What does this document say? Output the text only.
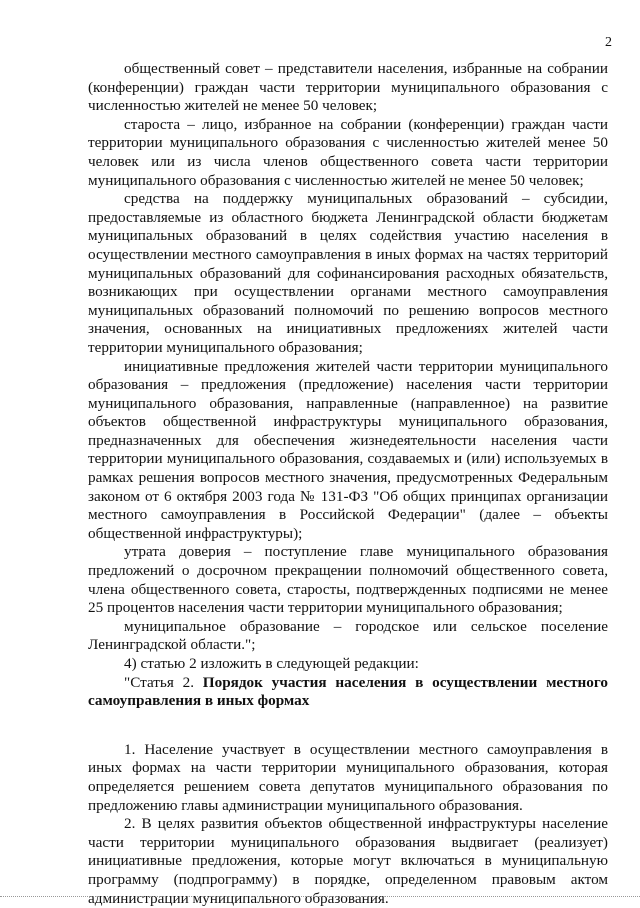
2

общественный совет – представители населения, избранные на собрании (конференции) граждан части территории муниципального образования с численностью жителей не менее 50 человек;

староста – лицо, избранное на собрании (конференции) граждан части территории муниципального образования с численностью жителей менее 50 человек или из числа членов общественного совета части территории муниципального образования с численностью жителей не менее 50 человек;

средства на поддержку муниципальных образований – субсидии, предоставляемые из областного бюджета Ленинградской области бюджетам муниципальных образований в целях содействия участию населения в осуществлении местного самоуправления в иных формах на частях территорий муниципальных образований для софинансирования расходных обязательств, возникающих при осуществлении органами местного самоуправления муниципальных образований полномочий по решению вопросов местного значения, основанных на инициативных предложениях жителей части территории муниципального образования;

инициативные предложения жителей части территории муниципального образования – предложения (предложение) населения части территории муниципального образования, направленные (направленное) на развитие объектов общественной инфраструктуры муниципального образования, предназначенных для обеспечения жизнедеятельности населения части территории муниципального образования, создаваемых и (или) используемых в рамках решения вопросов местного значения, предусмотренных Федеральным законом от 6 октября 2003 года № 131-ФЗ "Об общих принципах организации местного самоуправления в Российской Федерации" (далее – объекты общественной инфраструктуры);

утрата доверия – поступление главе муниципального образования предложений о досрочном прекращении полномочий общественного совета, члена общественного совета, старосты, подтвержденных подписями не менее 25 процентов населения части территории муниципального образования;

муниципальное образование – городское или сельское поселение Ленинградской области.";

4) статью 2 изложить в следующей редакции:

"Статья 2. Порядок участия населения в осуществлении местного самоуправления в иных формах

1. Население участвует в осуществлении местного самоуправления в иных формах на части территории муниципального образования, которая определяется решением совета депутатов муниципального образования по предложению главы администрации муниципального образования.

2. В целях развития объектов общественной инфраструктуры население части территории муниципального образования выдвигает (реализует) инициативные предложения, которые могут включаться в муниципальную программу (подпрограмму) в порядке, определенном правовым актом администрации муниципального образования.
